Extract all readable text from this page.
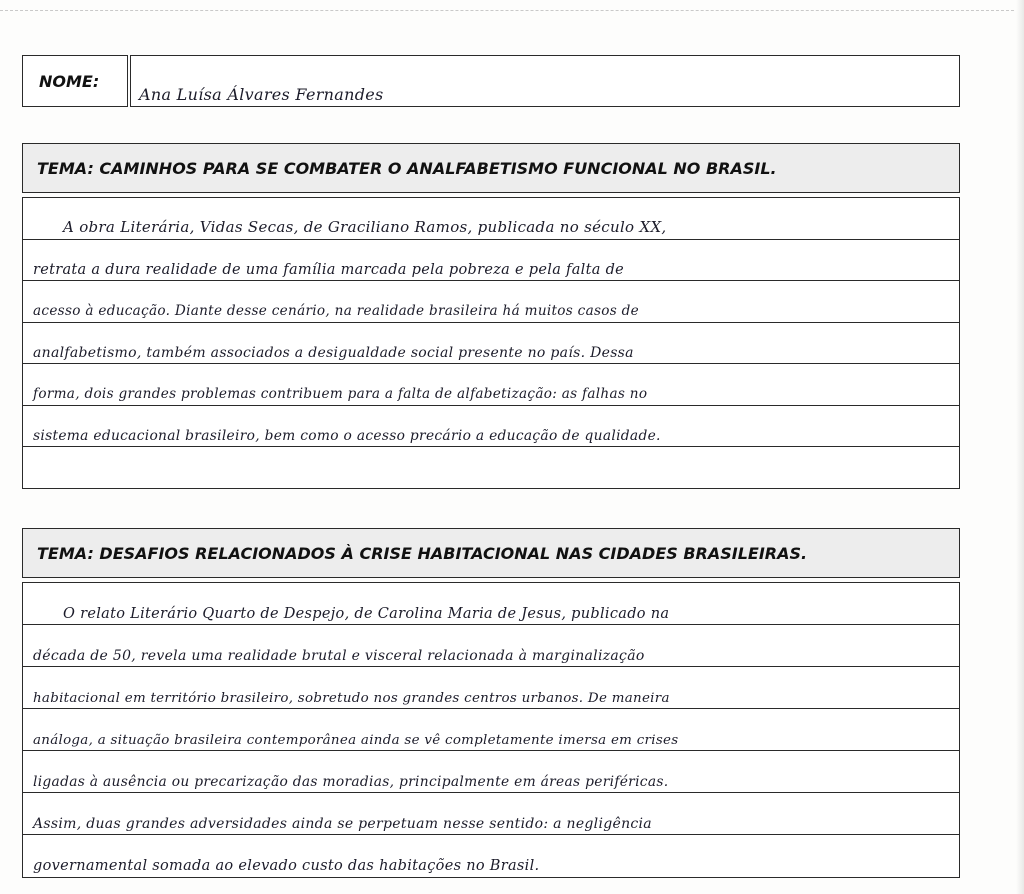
NOME:
Ana Luísa Álvares Fernandes
TEMA: CAMINHOS PARA SE COMBATER O ANALFABETISMO FUNCIONAL NO BRASIL.
A obra Literária, Vidas Secas, de Graciliano Ramos, publicada no século XX,
retrata a dura realidade de uma família marcada pela pobreza e pela falta de
acesso à educação. Diante desse cenário, na realidade brasileira há muitos casos de
analfabetismo, também associados a desigualdade social presente no país. Dessa
forma, dois grandes problemas contribuem para a falta de alfabetização: as falhas no
sistema educacional brasileiro, bem como o acesso precário a educação de qualidade.
TEMA: DESAFIOS RELACIONADOS À CRISE HABITACIONAL NAS CIDADES BRASILEIRAS.
O relato Literário Quarto de Despejo, de Carolina Maria de Jesus, publicado na
década de 50, revela uma realidade brutal e visceral relacionada à marginalização
habitacional em território brasileiro, sobretudo nos grandes centros urbanos. De maneira
análoga, a situação brasileira contemporânea ainda se vê completamente imersa em crises
ligadas à ausência ou precarização das moradias, principalmente em áreas periféricas.
Assim, duas grandes adversidades ainda se perpetuam nesse sentido: a negligência
governamental somada ao elevado custo das habitações no Brasil.
